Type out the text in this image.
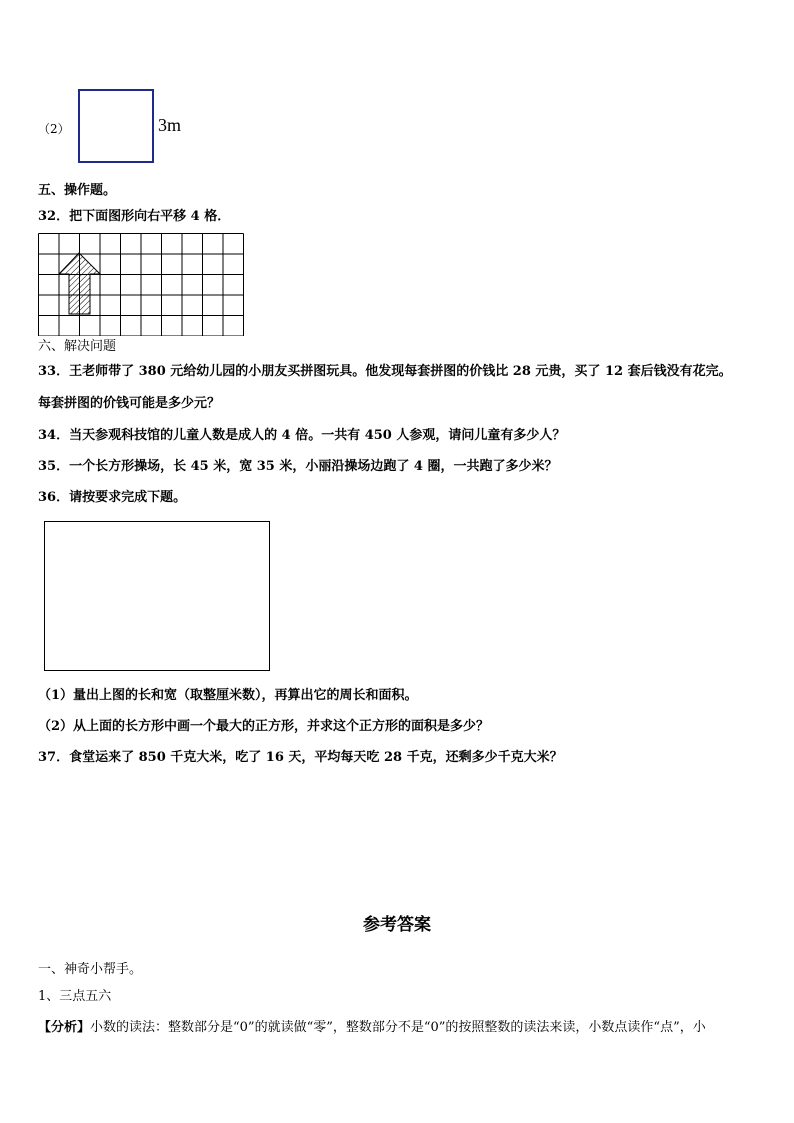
（2）	3m
五、操作题。
32．把下面图形向右平移 4 格．
六、解决问题
33．王老师带了 380 元给幼儿园的小朋友买拼图玩具。他发现每套拼图的价钱比 28 元贵，买了 12 套后钱没有花完。
每套拼图的价钱可能是多少元？
34．当天参观科技馆的儿童人数是成人的 4 倍。一共有 450 人参观，请问儿童有多少人？
35．一个长方形操场，长 45 米，宽 35 米，小丽沿操场边跑了 4 圈，一共跑了多少米？
36．请按要求完成下题。
（1）量出上图的长和宽（取整厘米数），再算出它的周长和面积。
（2）从上面的长方形中画一个最大的正方形，并求这个正方形的面积是多少？
37．食堂运来了 850 千克大米，吃了 16 天，平均每天吃 28 千克，还剩多少千克大米？
参考答案
一、神奇小帮手。
1、三点五六
【分析】小数的读法：整数部分是“0”的就读做“零”，整数部分不是“0”的按照整数的读法来读，小数点读作“点”，小
